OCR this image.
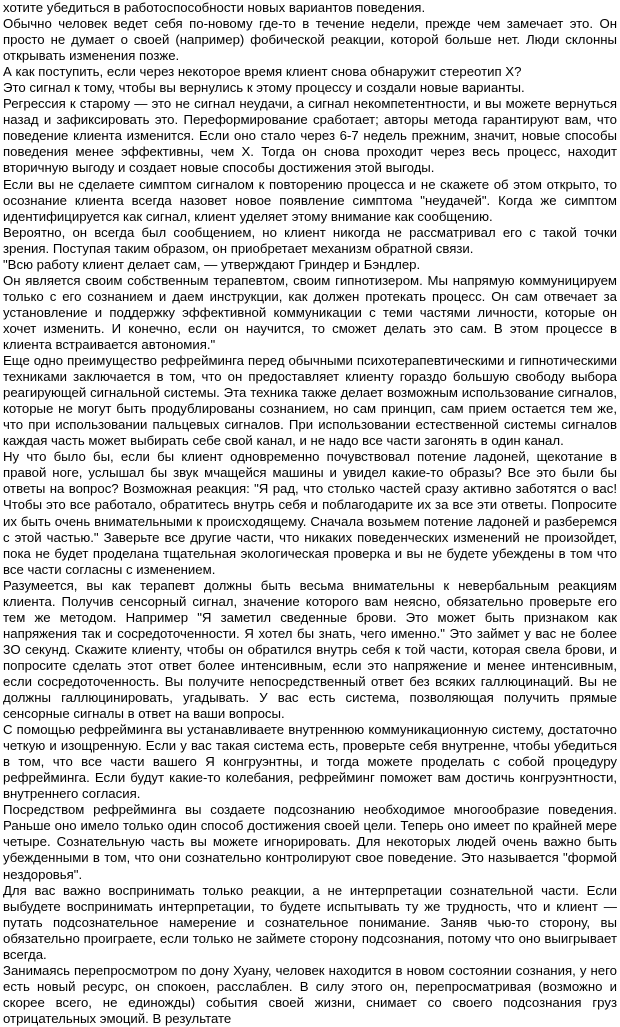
хотите убедиться в работоспособности новых вариантов поведения.

Обычно человек ведет себя по-новому где-то в течение недели, прежде чем замечает это. Он просто не думает о своей (например) фобической реакции, которой больше нет. Люди склонны открывать изменения позже.

А как поступить, если через некоторое время клиент снова обнаружит стереотип X?

Это сигнал к тому, чтобы вы вернулись к этому процессу и создали новые варианты.

Регрессия к старому — это не сигнал неудачи, а сигнал некомпетентности, и вы можете вернуться назад и зафиксировать это. Переформирование сработает; авторы метода гарантируют вам, что поведение клиента изменится. Если оно стало через 6-7 недель прежним, значит, новые способы поведения менее эффективны, чем X. Тогда он снова проходит через весь процесс, находит вторичную выгоду и создает новые способы достижения этой выгоды.

Если вы не сделаете симптом сигналом к повторению процесса и не скажете об этом открыто, то осознание клиента всегда назовет новое появление симптома "неудачей". Когда же симптом идентифицируется как сигнал, клиент уделяет этому внимание как сообщению.

Вероятно, он всегда был сообщением, но клиент никогда не рассматривал его с такой точки зрения. Поступая таким образом, он приобретает механизм обратной связи.

"Всю работу клиент делает сам, — утверждают Гриндер и Бэндлер.

Он является своим собственным терапевтом, своим гипнотизером. Мы напрямую коммуницируем только с его сознанием и даем инструкции, как должен протекать процесс. Он сам отвечает за установление и поддержку эффективной коммуникации с теми частями личности, которые он хочет изменить. И конечно, если он научится, то сможет делать это сам. В этом процессе в клиента встраивается автономия."

Еще одно преимущество рефрейминга перед обычными психотерапевтическими и гипнотическими техниками заключается в том, что он предоставляет клиенту гораздо большую свободу выбора реагирующей сигнальной системы. Эта техника также делает возможным использование сигналов, которые не могут быть продублированы сознанием, но сам принцип, сам прием остается тем же, что при использовании пальцевых сигналов. При использовании естественной системы сигналов каждая часть может выбирать себе свой канал, и не надо все части загонять в один канал.

Ну что было бы, если бы клиент одновременно почувствовал потение ладоней, щекотание в правой ноге, услышал бы звук мчащейся машины и увидел какие-то образы? Все это были бы ответы на вопрос? Возможная реакция: "Я рад, что столько частей сразу активно заботятся о вас! Чтобы это все работало, обратитесь внутрь себя и поблагодарите их за все эти ответы. Попросите их быть очень внимательными к происходящему. Сначала возьмем потение ладоней и разберемся с этой частью." Заверьте все другие части, что никаких поведенческих изменений не произойдет, пока не будет проделана тщательная экологическая проверка и вы не будете убеждены в том что все части согласны с изменением.

Разумеется, вы как терапевт должны быть весьма внимательны к невербальным реакциям клиента. Получив сенсорный сигнал, значение которого вам неясно, обязательно проверьте его тем же методом. Например "Я заметил сведенные брови. Это может быть признаком как напряжения так и сосредоточенности. Я хотел бы знать, чего именно." Это займет у вас не более 3О секунд. Скажите клиенту, чтобы он обратился внутрь себя к той части, которая свела брови, и попросите сделать этот ответ более интенсивным, если это напряжение и менее интенсивным, если сосредоточенность. Вы получите непосредственный ответ без всяких галлюцинаций. Вы не должны галлюцинировать, угадывать. У вас есть система, позволяющая получить прямые сенсорные сигналы в ответ на ваши вопросы.

С помощью рефрейминга вы устанавливаете внутреннюю коммуникационную систему, достаточно четкую и изощренную. Если у вас такая система есть, проверьте себя внутренне, чтобы убедиться в том, что все части вашего Я конгруэнтны, и тогда можете проделать с собой процедуру рефрейминга. Если будут какие-то колебания, рефрейминг поможет вам достичь конгруэнтности, внутреннего согласия.

Посредством рефрейминга вы создаете подсознанию необходимое многообразие поведения. Раньше оно имело только один способ достижения своей цели. Теперь оно имеет по крайней мере четыре. Сознательную часть вы можете игнорировать. Для некоторых людей очень важно быть убежденными в том, что они сознательно контролируют свое поведение. Это называется "формой нездоровья".

Для вас важно воспринимать только реакции, а не интерпретации сознательной части. Если выбудете воспринимать интерпретации, то будете испытывать ту же трудность, что и клиент — путать подсознательное намерение и сознательное понимание. Заняв чью-то сторону, вы обязательно проиграете, если только не займете сторону подсознания, потому что оно выигрывает всегда.

Занимаясь перепросмотром по дону Хуану, человек находится в новом состоянии сознания, у него есть новый ресурс, он спокоен, расслаблен. В силу этого он, перепросматривая (возможно и скорее всего, не единожды) события своей жизни, снимает со своего подсознания груз отрицательных эмоций. В результате
